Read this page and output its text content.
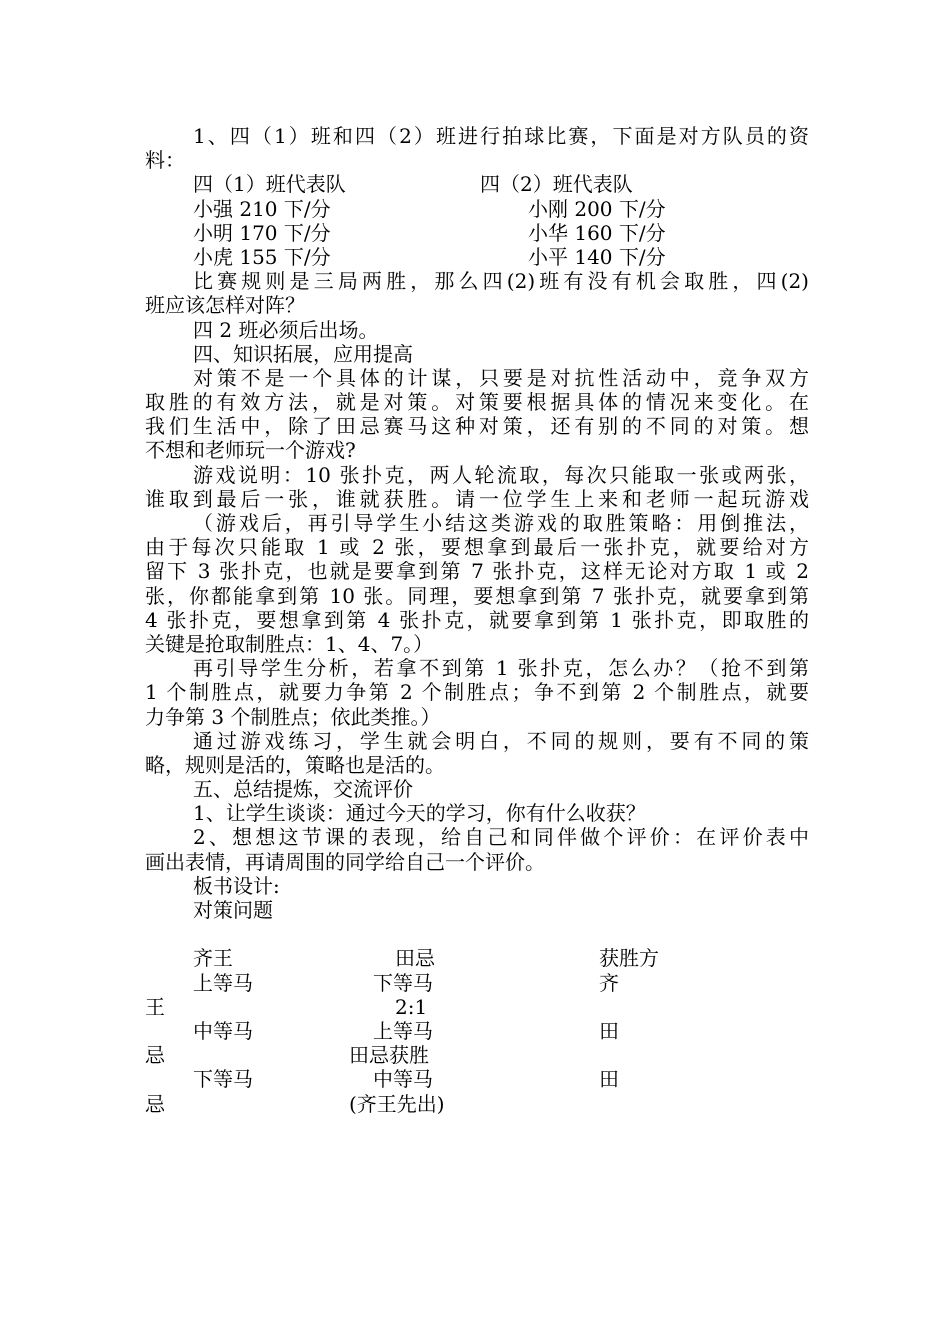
1、四（1）班和四（2）班进行拍球比赛，下面是对方队员的资
料：
四（1）班代表队	四（2）班代表队
小强 210 下/分	小刚 200 下/分
小明 170 下/分	小华 160 下/分
小虎 155 下/分	小平 140 下/分
比赛规则是三局两胜，那么四(2)班有没有机会取胜，四(2)
班应该怎样对阵？
四 2 班必须后出场。
四、知识拓展，应用提高
对策不是一个具体的计谋，只要是对抗性活动中，竞争双方
取胜的有效方法，就是对策。对策要根据具体的情况来变化。在
我们生活中，除了田忌赛马这种对策，还有别的不同的对策。想
不想和老师玩一个游戏?
游戏说明：10 张扑克，两人轮流取，每次只能取一张或两张，
谁取到最后一张，谁就获胜。请一位学生上来和老师一起玩游戏
（游戏后，再引导学生小结这类游戏的取胜策略：用倒推法，
由于每次只能取 1 或 2 张，要想拿到最后一张扑克，就要给对方
留下 3 张扑克，也就是要拿到第 7 张扑克，这样无论对方取 1 或 2
张，你都能拿到第 10 张。同理，要想拿到第 7 张扑克，就要拿到第
4 张扑克，要想拿到第 4 张扑克，就要拿到第 1 张扑克，即取胜的
关键是抢取制胜点：1、4、7。）
再引导学生分析，若拿不到第 1 张扑克，怎么办？（抢不到第
1 个制胜点，就要力争第 2 个制胜点；争不到第 2 个制胜点，就要
力争第 3 个制胜点；依此类推。）
通过游戏练习，学生就会明白，不同的规则，要有不同的策
略，规则是活的，策略也是活的。
五、总结提炼，交流评价
1、让学生谈谈：通过今天的学习，你有什么收获？
2、想想这节课的表现，给自己和同伴做个评价：在评价表中
画出表情，再请周围的同学给自己一个评价。
板书设计:
对策问题
齐王	田忌	获胜方
上等马	下等马	齐
王	2:1
中等马	上等马	田
忌	田忌获胜
下等马	中等马	田
忌	(齐王先出)
